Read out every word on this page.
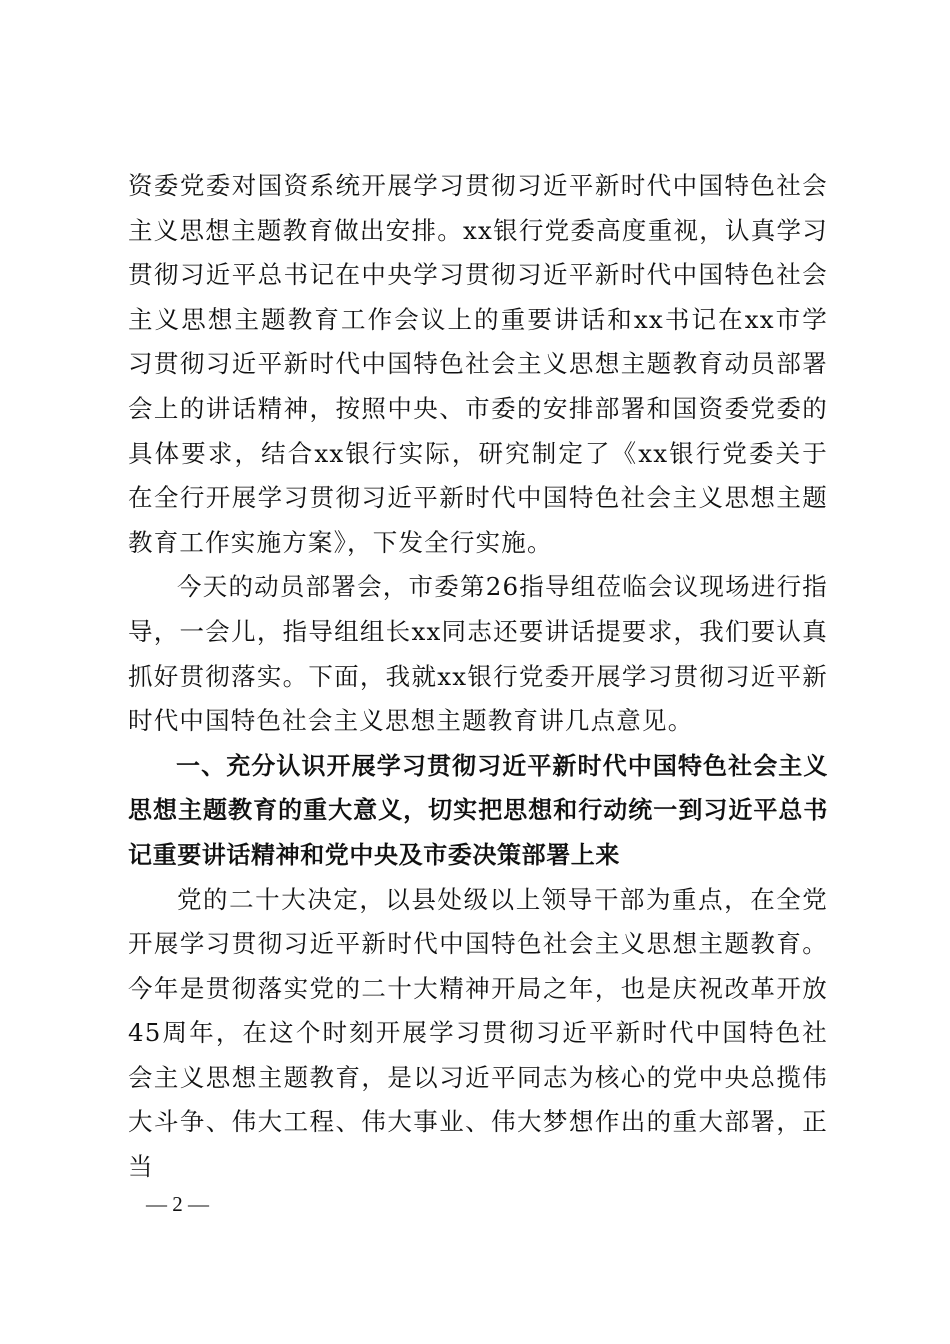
资委党委对国资系统开展学习贯彻习近平新时代中国特色社会主义思想主题教育做出安排。xx银行党委高度重视，认真学习贯彻习近平总书记在中央学习贯彻习近平新时代中国特色社会主义思想主题教育工作会议上的重要讲话和xx书记在xx市学习贯彻习近平新时代中国特色社会主义思想主题教育动员部署会上的讲话精神，按照中央、市委的安排部署和国资委党委的具体要求，结合xx银行实际，研究制定了《xx银行党委关于在全行开展学习贯彻习近平新时代中国特色社会主义思想主题教育工作实施方案》，下发全行实施。

今天的动员部署会，市委第26指导组莅临会议现场进行指导，一会儿，指导组组长xx同志还要讲话提要求，我们要认真抓好贯彻落实。下面，我就xx银行党委开展学习贯彻习近平新时代中国特色社会主义思想主题教育讲几点意见。

一、充分认识开展学习贯彻习近平新时代中国特色社会主义思想主题教育的重大意义，切实把思想和行动统一到习近平总书记重要讲话精神和党中央及市委决策部署上来

党的二十大决定，以县处级以上领导干部为重点，在全党开展学习贯彻习近平新时代中国特色社会主义思想主题教育。今年是贯彻落实党的二十大精神开局之年，也是庆祝改革开放45周年，在这个时刻开展学习贯彻习近平新时代中国特色社会主义思想主题教育，是以习近平同志为核心的党中央总揽伟大斗争、伟大工程、伟大事业、伟大梦想作出的重大部署，正当

— 2 —
